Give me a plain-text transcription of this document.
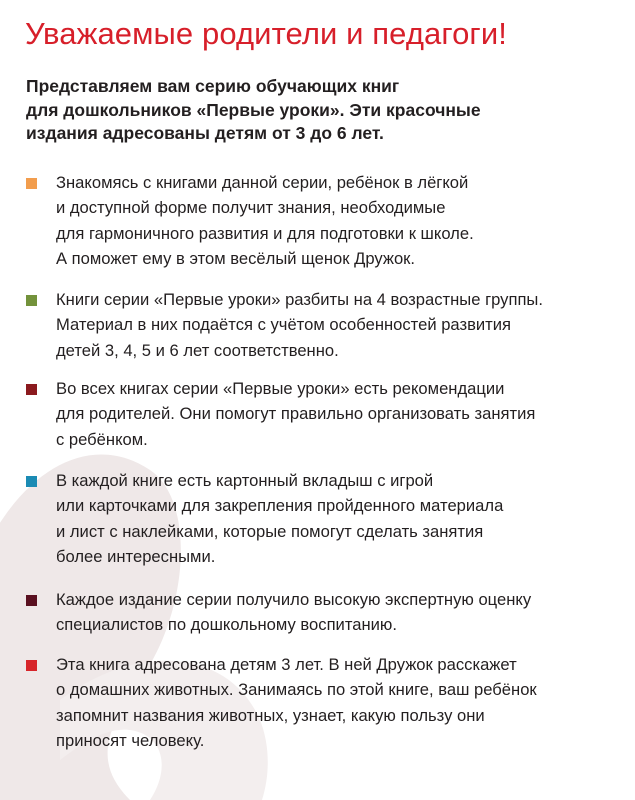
Уважаемые родители и педагоги!

Представляем вам серию обучающих книг
для дошкольников «Первые уроки». Эти красочные
издания адресованы детям от 3 до 6 лет.

Знакомясь с книгами данной серии, ребёнок в лёгкой
и доступной форме получит знания, необходимые
для гармоничного развития и для подготовки к школе.
А поможет ему в этом весёлый щенок Дружок.
Книги серии «Первые уроки» разбиты на 4 возрастные группы.
Материал в них подаётся с учётом особенностей развития
детей 3, 4, 5 и 6 лет соответственно.
Во всех книгах серии «Первые уроки» есть рекомендации
для родителей. Они помогут правильно организовать занятия
с ребёнком.
В каждой книге есть картонный вкладыш с игрой
или карточками для закрепления пройденного материала
и лист с наклейками, которые помогут сделать занятия
более интересными.
Каждое издание серии получило высокую экспертную оценку
специалистов по дошкольному воспитанию.
Эта книга адресована детям 3 лет. В ней Дружок расскажет
о домашних животных. Занимаясь по этой книге, ваш ребёнок
запомнит названия животных, узнает, какую пользу они
приносят человеку.
